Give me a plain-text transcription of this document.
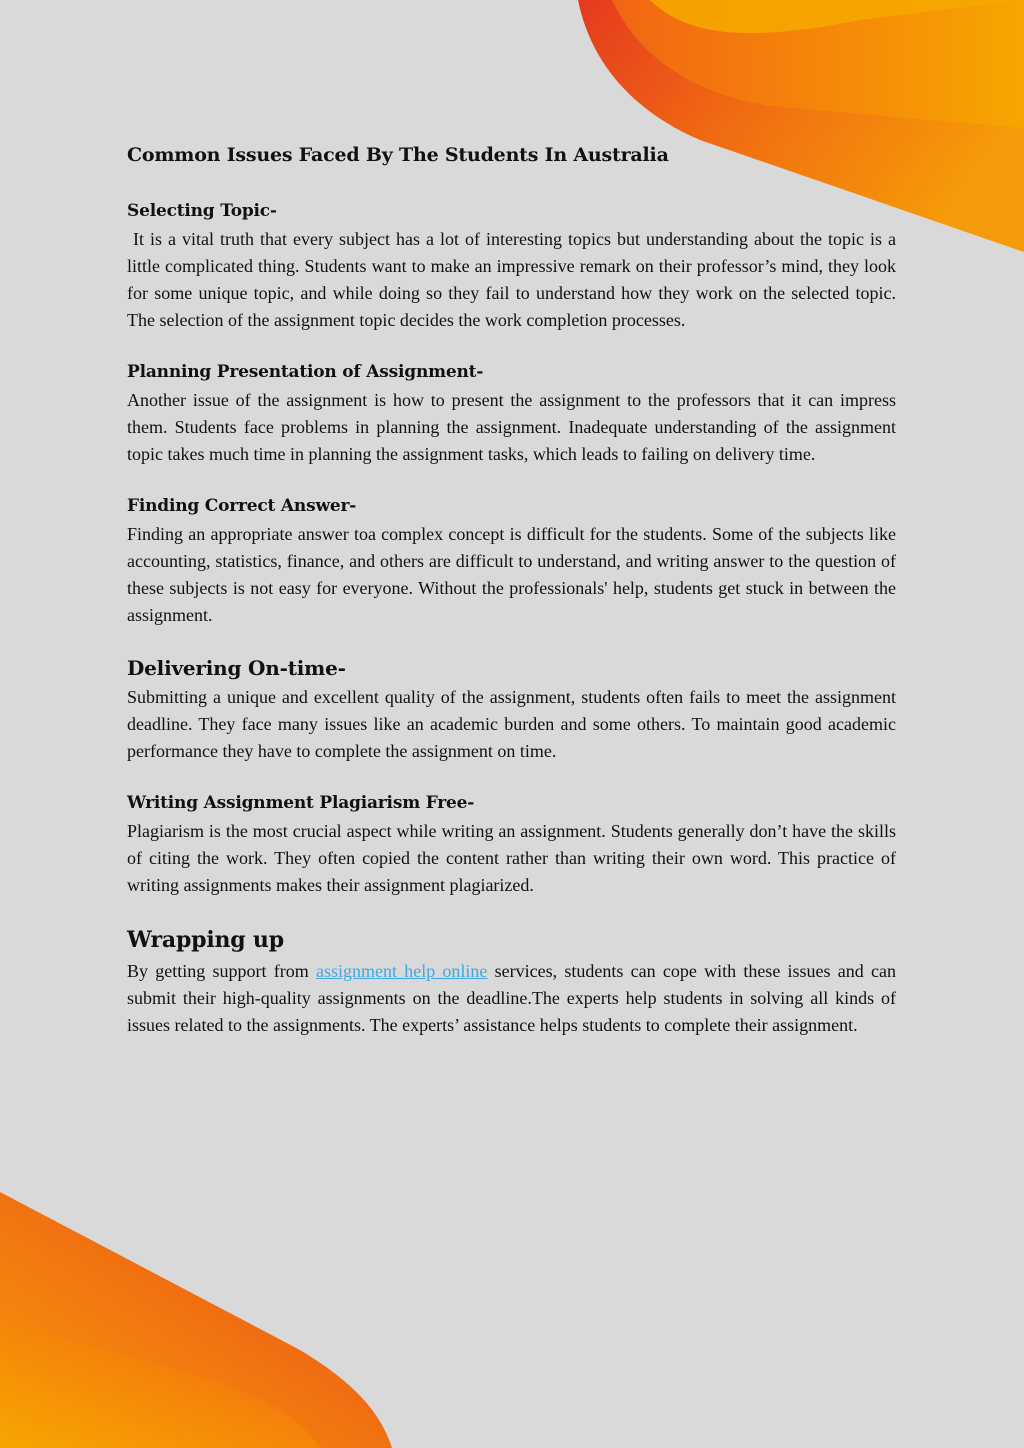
Common Issues Faced By The Students In Australia
Selecting Topic-

It is a vital truth that every subject has a lot of interesting topics but understanding about the topic is a little complicated thing. Students want to make an impressive remark on their professor’s mind, they look for some unique topic, and while doing so they fail to understand how they work on the selected topic. The selection of the assignment topic decides the work completion processes.

Planning Presentation of Assignment-

Another issue of the assignment is how to present the assignment to the professors that it can impress them. Students face problems in planning the assignment. Inadequate understanding of the assignment topic takes much time in planning the assignment tasks, which leads to failing on delivery time.

Finding Correct Answer-

Finding an appropriate answer toa complex concept is difficult for the students. Some of the subjects like accounting, statistics, finance, and others are difficult to understand, and writing answer to the question of these subjects is not easy for everyone. Without the professionals' help, students get stuck in between the assignment.

Delivering On-time-

Submitting a unique and excellent quality of the assignment, students often fails to meet the assignment deadline. They face many issues like an academic burden and some others. To maintain good academic performance they have to complete the assignment on time.

Writing Assignment Plagiarism Free-

Plagiarism is the most crucial aspect while writing an assignment. Students generally don’t have the skills of citing the work. They often copied the content rather than writing their own word. This practice of writing assignments makes their assignment plagiarized.

Wrapping up

By getting support from assignment help online services, students can cope with these issues and can submit their high-quality assignments on the deadline.The experts help students in solving all kinds of issues related to the assignments. The experts’ assistance helps students to complete their assignment.
